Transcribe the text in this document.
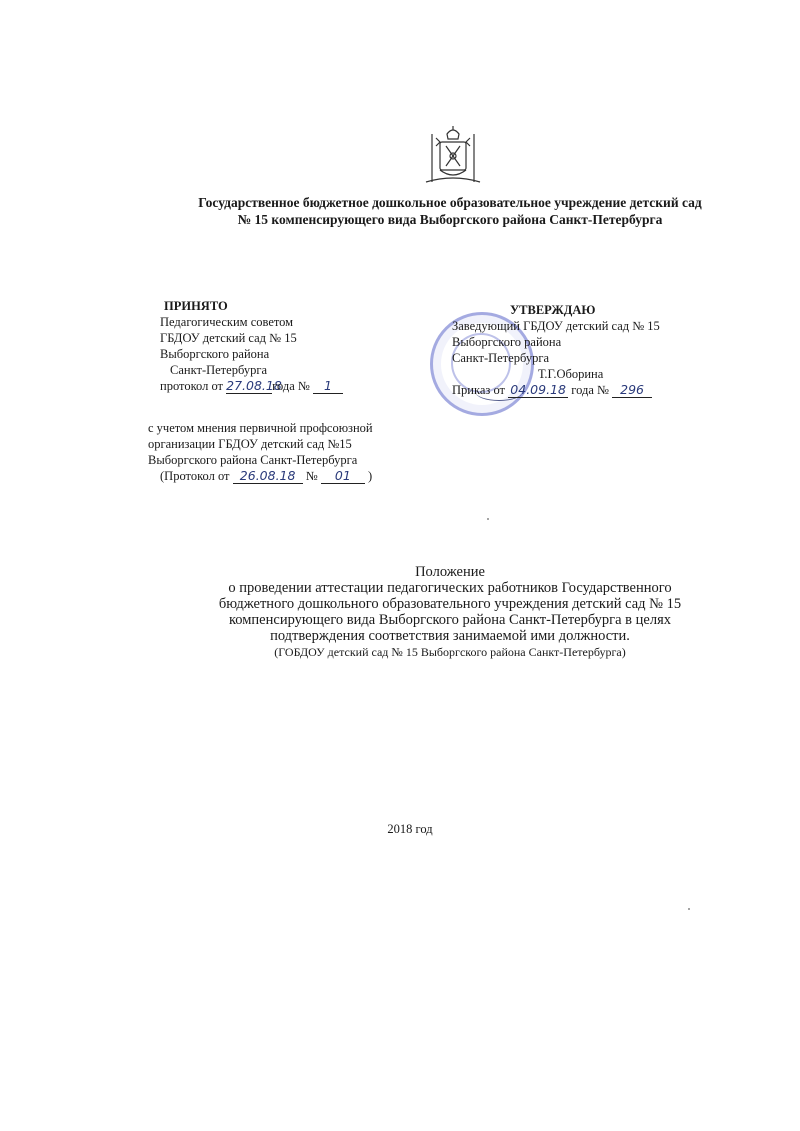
Государственное бюджетное дошкольное образовательное учреждение детский сад
№ 15 компенсирующего вида Выборгского района Санкт-Петербурга
ПРИНЯТО
Педагогическим советом
ГБДОУ детский сад № 15
Выборгского района
Санкт-Петербурга
протокол от 27.08.18года № 1
с учетом мнения первичной профсоюзной
организации ГБДОУ детский сад №15
Выборгского района Санкт-Петербурга
(Протокол от 26.08.18 № 01 )
УТВЕРЖДАЮ
Заведующий ГБДОУ детский сад № 15
Выборгского района
Санкт-Петербурга
Т.Г.Оборина
Приказ от 04.09.18 года № 296
Положение
о проведении аттестации педагогических работников Государственного
бюджетного дошкольного образовательного учреждения детский сад № 15
компенсирующего вида Выборгского района Санкт-Петербурга в целях
подтверждения соответствия занимаемой ими должности.
(ГОБДОУ детский сад № 15 Выборгского района Санкт-Петербурга)
2018 год
